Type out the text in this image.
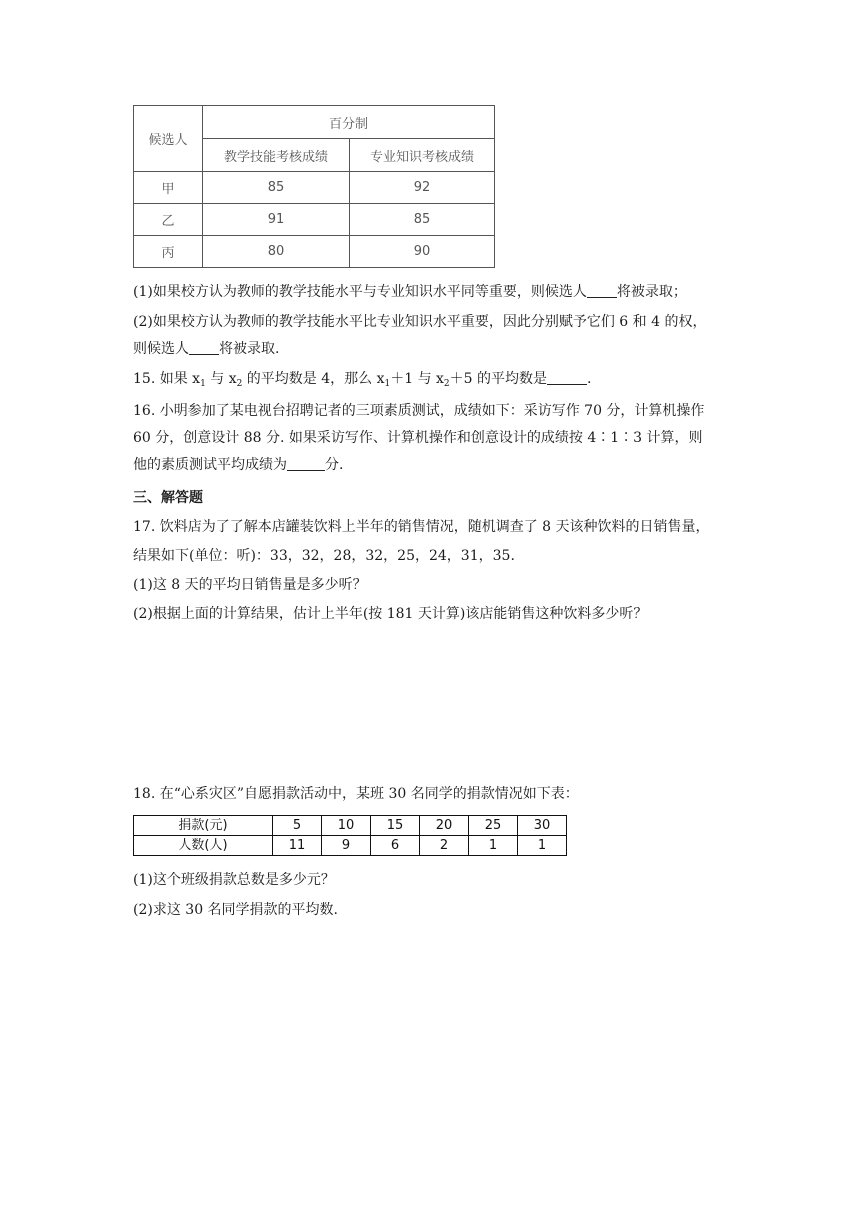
候选人	百分制	
	教学技能考核成绩	专业知识考核成绩
甲	85	92
乙	91	85
丙	80	90
(1)如果校方认为教师的教学技能水平与专业知识水平同等重要，则候选人 将被录取；
(2)如果校方认为教师的教学技能水平比专业知识水平重要，因此分别赋予它们 6 和 4 的权，
则候选人 将被录取.
15. 如果 $x_1$ 与 $x_2$ 的平均数是 4，那么 $x_1+1$ 与 $x_2+5$ 的平均数是	.
16. 小明参加了某电视台招聘记者的三项素质测试，成绩如下：采访写作 70 分，计算机操作
60 分，创意设计 88 分. 如果采访写作、计算机操作和创意设计的成绩按 4∶1∶3 计算，则
他的素质测试平均成绩为	分.
三、解答题
17. 饮料店为了了解本店罐装饮料上半年的销售情况，随机调查了 8 天该种饮料的日销售量，
结果如下(单位：听)：33，32，28，32，25，24，31，35.
(1)这 8 天的平均日销售量是多少听？
(2)根据上面的计算结果，估计上半年(按 181 天计算)该店能销售这种饮料多少听？
18. 在“心系灾区”自愿捐款活动中，某班 30 名同学的捐款情况如下表：
捐款(元)	5	10	15	20	25	30
人数(人)	11	9	6	2	1	1
(1)这个班级捐款总数是多少元？
(2)求这 30 名同学捐款的平均数.
